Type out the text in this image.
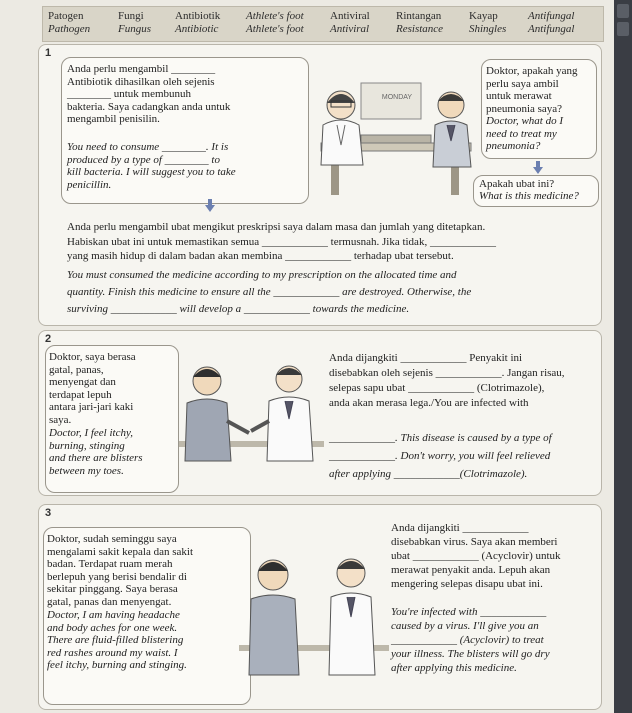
Patogen
Pathogen
Fungi
Fungus
Antibiotik
Antibiotic
Athlete's foot
Athlete's foot
Antiviral
Antiviral
Rintangan
Resistance
Kayap
Shingles
Antifungal
Antifungal
1
Anda perlu mengambil ________
Antibiotik dihasilkan oleh sejenis
________ untuk membunuh
bakteria. Saya cadangkan anda untuk
mengambil penisilin.
You need to consume ________. It is
produced by a type of ________ to
kill bacteria. I will suggest you to take
penicillin.
Doktor, apakah yang
perlu saya ambil
untuk merawat
pneumonia saya?
Doctor, what do I
need to treat my
pneumonia?
Apakah ubat ini?
What is this medicine?
MONDAY
Anda perlu mengambil ubat mengikut preskripsi saya dalam masa dan jumlah yang ditetapkan.
Habiskan ubat ini untuk memastikan semua ____________ termusnah. Jika tidak, ____________
yang masih hidup di dalam badan akan membina ____________ terhadap ubat tersebut.
You must consumed the medicine according to my prescription on the allocated time and
quantity. Finish this medicine to ensure all the ____________ are destroyed. Otherwise, the
surviving ____________ will develop a ____________ towards the medicine.
2
Doktor, saya berasa
gatal, panas,
menyengat dan
terdapat lepuh
antara jari-jari kaki
saya.
Doctor, I feel itchy,
burning, stinging
and there are blisters
between my toes.
Anda dijangkiti ____________ Penyakit ini
disebabkan oleh sejenis ____________. Jangan risau,
selepas sapu ubat ____________ (Clotrimazole),
anda akan merasa lega./You are infected with
____________. This disease is caused by a type of
____________. Don't worry, you will feel relieved
after applying ____________(Clotrimazole).
3
Doktor, sudah seminggu saya
mengalami sakit kepala dan sakit
badan. Terdapat ruam merah
berlepuh yang berisi bendalir di
sekitar pinggang. Saya berasa
gatal, panas dan menyengat.
Doctor, I am having headache
and body aches for one week.
There are fluid-filled blistering
red rashes around my waist. I
feel itchy, burning and stinging.
Anda dijangkiti ____________
disebabkan virus. Saya akan memberi
ubat ____________ (Acyclovir) untuk
merawat penyakit anda. Lepuh akan
mengering selepas disapu ubat ini.
You're infected with ____________
caused by a virus. I'll give you an
____________ (Acyclovir) to treat
your illness. The blisters will go dry
after applying this medicine.
